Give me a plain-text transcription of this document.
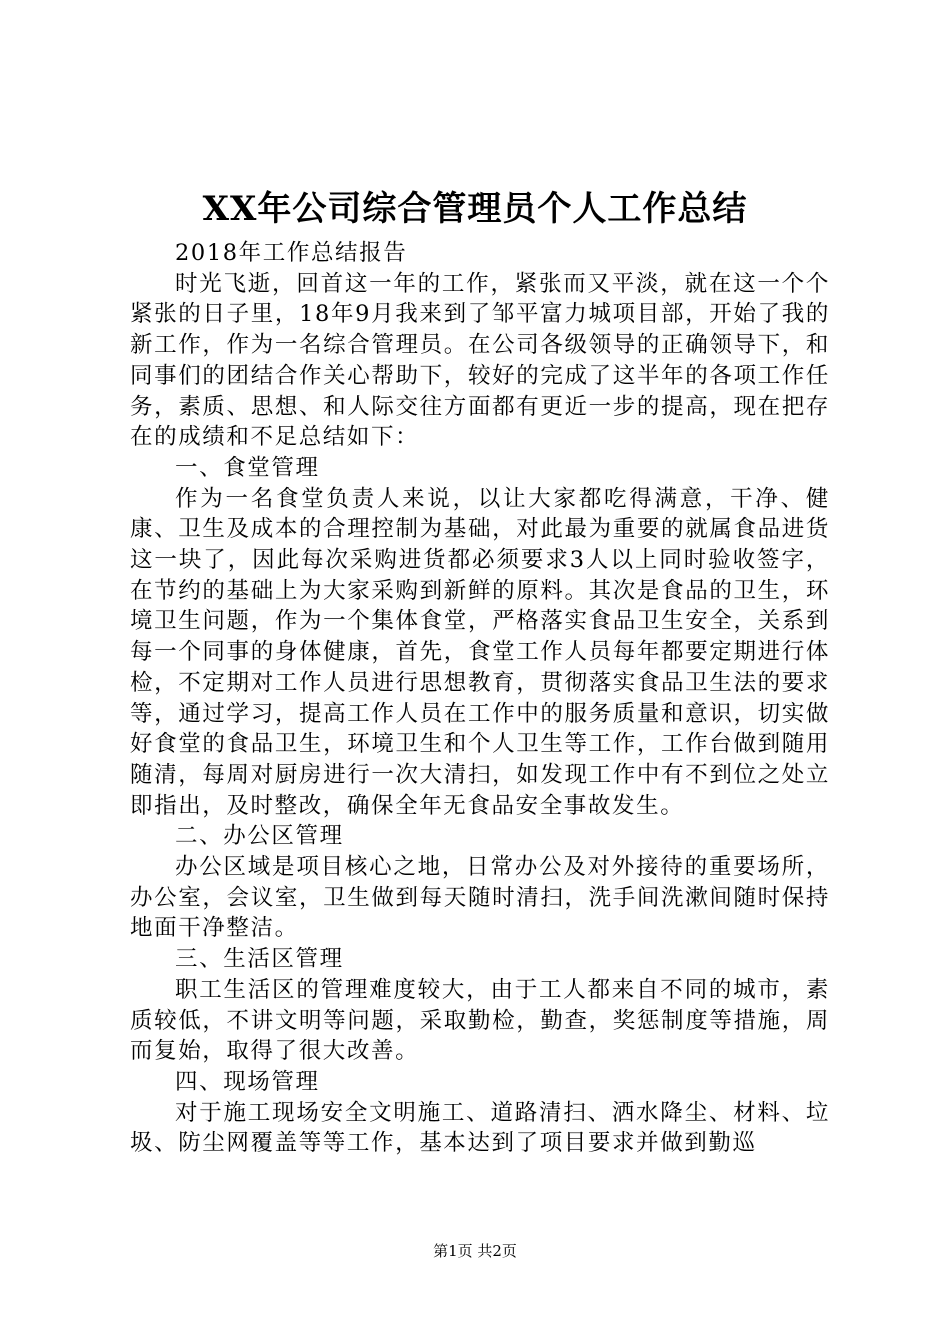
XX年公司综合管理员个人工作总结

2018年工作总结报告

时光飞逝，回首这一年的工作，紧张而又平淡，就在这一个个紧张的日子里，18年9月我来到了邹平富力城项目部，开始了我的新工作，作为一名综合管理员。在公司各级领导的正确领导下，和同事们的团结合作关心帮助下，较好的完成了这半年的各项工作任务，素质、思想、和人际交往方面都有更近一步的提高，现在把存在的成绩和不足总结如下：

一、食堂管理

作为一名食堂负责人来说，以让大家都吃得满意，干净、健康、卫生及成本的合理控制为基础，对此最为重要的就属食品进货这一块了，因此每次采购进货都必须要求3人以上同时验收签字，在节约的基础上为大家采购到新鲜的原料。其次是食品的卫生，环境卫生问题，作为一个集体食堂，严格落实食品卫生安全，关系到每一个同事的身体健康，首先，食堂工作人员每年都要定期进行体检，不定期对工作人员进行思想教育，贯彻落实食品卫生法的要求等，通过学习，提高工作人员在工作中的服务质量和意识，切实做好食堂的食品卫生，环境卫生和个人卫生等工作，工作台做到随用随清，每周对厨房进行一次大清扫，如发现工作中有不到位之处立即指出，及时整改，确保全年无食品安全事故发生。

二、办公区管理

办公区域是项目核心之地，日常办公及对外接待的重要场所，办公室，会议室，卫生做到每天随时清扫，洗手间洗漱间随时保持地面干净整洁。

三、生活区管理

职工生活区的管理难度较大，由于工人都来自不同的城市，素质较低，不讲文明等问题，采取勤检，勤查，奖惩制度等措施，周而复始，取得了很大改善。

四、现场管理

对于施工现场安全文明施工、道路清扫、洒水降尘、材料、垃圾、防尘网覆盖等等工作，基本达到了项目要求并做到勤巡

第1页 共2页
